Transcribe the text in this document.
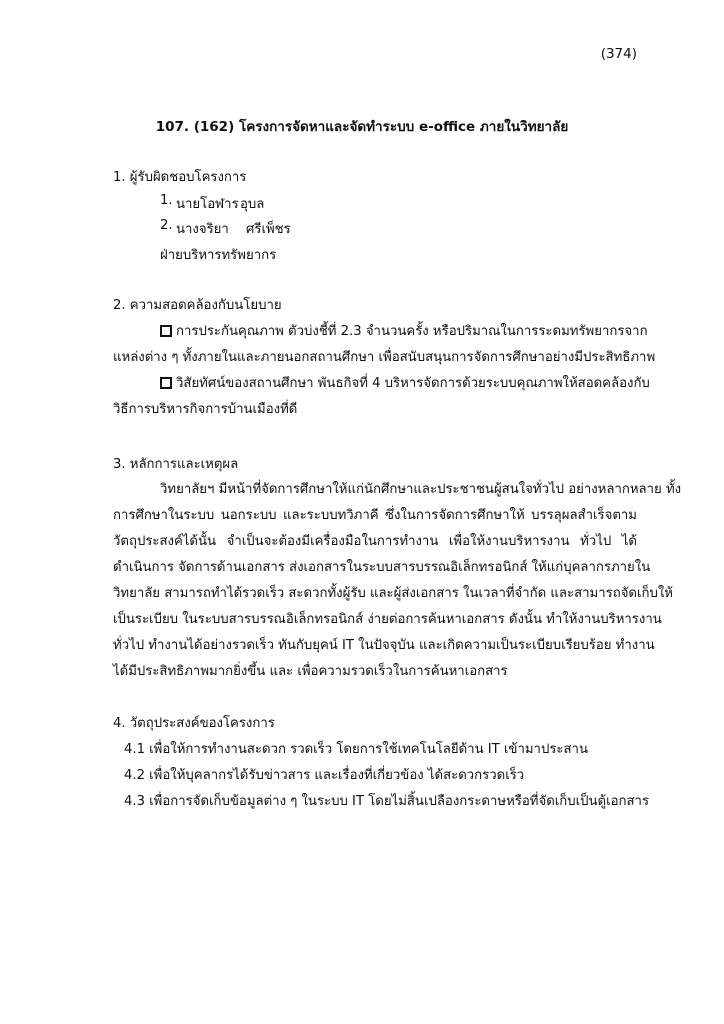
(374)
107. (162) โครงการจัดหาและจัดทำระบบ e-office ภายในวิทยาลัย
1. ผู้รับผิดชอบโครงการ
1. นายโอฬาร อุบล
2. นางจริยา ศรีเพ็ชร
ฝ่ายบริหารทรัพยากร
2. ความสอดคล้องกับนโยบาย
การประกันคุณภาพ ตัวบ่งชี้ที่ 2.3 จำนวนครั้ง หรือปริมาณในการระดมทรัพยากรจาก
แหล่งต่าง ๆ ทั้งภายในและภายนอกสถานศึกษา เพื่อสนับสนุนการจัดการศึกษาอย่างมีประสิทธิภาพ
วิสัยทัศน์ของสถานศึกษา พันธกิจที่ 4 บริหารจัดการด้วยระบบคุณภาพให้สอดคล้องกับ
วิธีการบริหารกิจการบ้านเมืองที่ดี
3. หลักการและเหตุผล
วิทยาลัยฯ มีหน้าที่จัดการศึกษาให้แก่นักศึกษาและประชาชนผู้สนใจทั่วไป อย่างหลากหลาย ทั้ง
การศึกษาในระบบ นอกระบบ และระบบทวิภาคี ซึ่งในการจัดการศึกษาให้ บรรลุผลสำเร็จตาม
วัตถุประสงค์ได้นั้น จำเป็นจะต้องมีเครื่องมือในการทำงาน เพื่อให้งานบริหารงาน ทั่วไป ได้
ดำเนินการ จัดการด้านเอกสาร ส่งเอกสารในระบบสารบรรณอิเล็กทรอนิกส์ ให้แก่บุคลากรภายใน
วิทยาลัย สามารถทำได้รวดเร็ว สะดวกทั้งผู้รับ และผู้ส่งเอกสาร ในเวลาที่จำกัด และสามารถจัดเก็บให้
เป็นระเบียบ ในระบบสารบรรณอิเล็กทรอนิกส์ ง่ายต่อการค้นหาเอกสาร ดังนั้น ทำให้งานบริหารงาน
ทั่วไป ทำงานได้อย่างรวดเร็ว ทันกับยุคน์ IT ในปัจจุบัน และเกิดความเป็นระเบียบเรียบร้อย ทำงาน
ได้มีประสิทธิภาพมากยิ่งขึ้น และ เพื่อความรวดเร็วในการค้นหาเอกสาร
4. วัตถุประสงค์ของโครงการ
4.1 เพื่อให้การทำงานสะดวก รวดเร็ว โดยการใช้เทคโนโลยีด้าน IT เข้ามาประสาน
4.2 เพื่อให้บุคลากรได้รับข่าวสาร และเรื่องที่เกี่ยวข้อง ได้สะดวกรวดเร็ว
4.3 เพื่อการจัดเก็บข้อมูลต่าง ๆ ในระบบ IT โดยไม่สิ้นเปลืองกระดาษหรือที่จัดเก็บเป็นตู้เอกสาร
